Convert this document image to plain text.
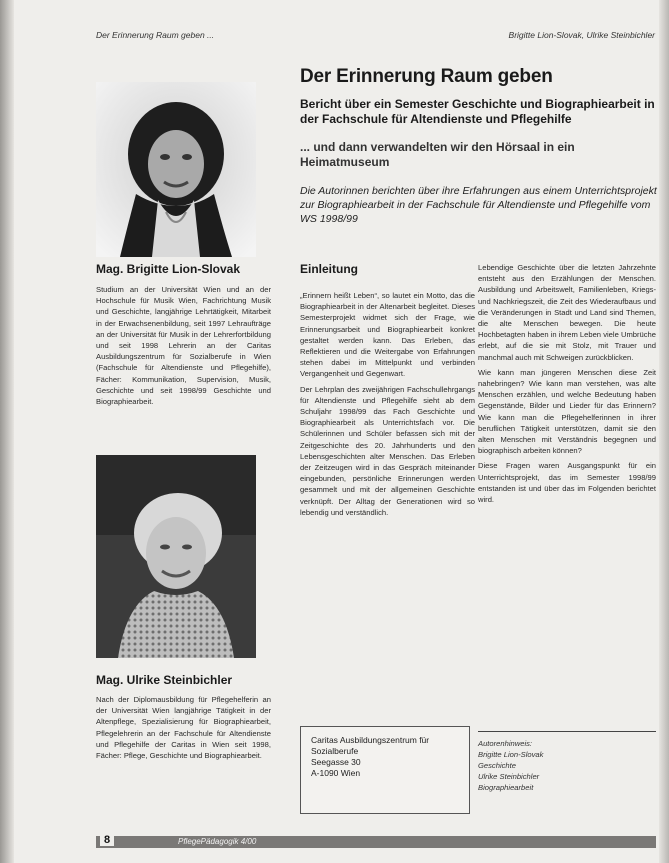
Der Erinnerung Raum geben ...	Brigitte Lion-Slovak, Ulrike Steinbichler
Der Erinnerung Raum geben

Bericht über ein Semester Geschichte und Biographiearbeit in der Fachschule für Altendienste und Pflegehilfe

... und dann verwandelten wir den Hörsaal in ein Heimatmuseum

Die Autorinnen berichten über ihre Erfahrungen aus einem Unterrichtsprojekt zur Biographiearbeit in der Fachschule für Altendienste und Pflegehilfe vom WS 1998/99

Mag. Brigitte Lion-Slovak

Studium an der Universität Wien und an der Hochschule für Musik Wien, Fachrichtung Musik und Geschichte, langjährige Lehrtätigkeit, Mitarbeit in der Erwachsenenbildung, seit 1997 Lehraufträge an der Universität für Musik in der Lehrerfortbildung und seit 1998 Lehrerin an der Caritas Ausbildungszentrum für Sozialberufe in Wien (Fachschule für Altendienste und Pflegehilfe), Fächer: Kommunikation, Supervision, Musik, Geschichte und seit 1998/99 Geschichte und Biographiearbeit.

Mag. Ulrike Steinbichler

Nach der Diplomausbildung für Pflegehelferin an der Universität Wien langjährige Tätigkeit in der Altenpflege, Spezialisierung für Biographiearbeit, Pflegelehrerin an der Fachschule für Altendienste und Pflegehilfe der Caritas in Wien seit 1998, Fächer: Pflege, Geschichte und Biographiearbeit.

Einleitung

„Erinnern heißt Leben“, so lautet ein Motto, das die Biographiearbeit in der Altenarbeit begleitet. Dieses Semesterprojekt widmet sich der Frage, wie Erinnerungsarbeit und Biographiearbeit konkret gestaltet werden kann. Das Erleben, das Reflektieren und die Weitergabe von Erfahrungen stehen dabei im Mittelpunkt und verbinden Vergangenheit und Gegenwart.

Der Lehrplan des zweijährigen Fachschullehrgangs für Altendienste und Pflegehilfe sieht ab dem Schuljahr 1998/99 das Fach Geschichte und Biographiearbeit als Unterrichtsfach vor. Die Schülerinnen und Schüler befassen sich mit der Zeitgeschichte des 20. Jahrhunderts und den Lebensgeschichten alter Menschen. Das Erleben der Zeitzeugen wird in das Gespräch miteinander eingebunden, persönliche Erinnerungen werden gesammelt und mit der allgemeinen Geschichte verknüpft. Der Alltag der Generationen wird so lebendig und verständlich.

Lebendige Geschichte über die letzten Jahrzehnte entsteht aus den Erzählungen der Menschen. Ausbildung und Arbeitswelt, Familienleben, Kriegs- und Nachkriegszeit, die Zeit des Wiederaufbaus und die Veränderungen in Stadt und Land sind Themen, die alte Menschen bewegen. Die heute Hochbetagten haben in ihrem Leben viele Umbrüche erlebt, auf die sie mit Stolz, mit Trauer und manchmal auch mit Schweigen zurückblicken.

Wie kann man jüngeren Menschen diese Zeit nahebringen? Wie kann man verstehen, was alte Menschen erzählen, und welche Bedeutung haben Gegenstände, Bilder und Lieder für das Erinnern? Wie kann man die Pflegehelferinnen in ihrer beruflichen Tätigkeit unterstützen, damit sie den alten Menschen mit Verständnis begegnen und biographisch arbeiten können?

Diese Fragen waren Ausgangspunkt für ein Unterrichtsprojekt, das im Semester 1998/99 entstanden ist und über das im Folgenden berichtet wird.

Caritas Ausbildungszentrum für
Sozialberufe
Seegasse 30
A-1090 Wien
Autorenhinweis:
Brigitte Lion-Slovak
Geschichte
Ulrike Steinbichler
Biographiearbeit
8	PflegePädagogik 4/00
